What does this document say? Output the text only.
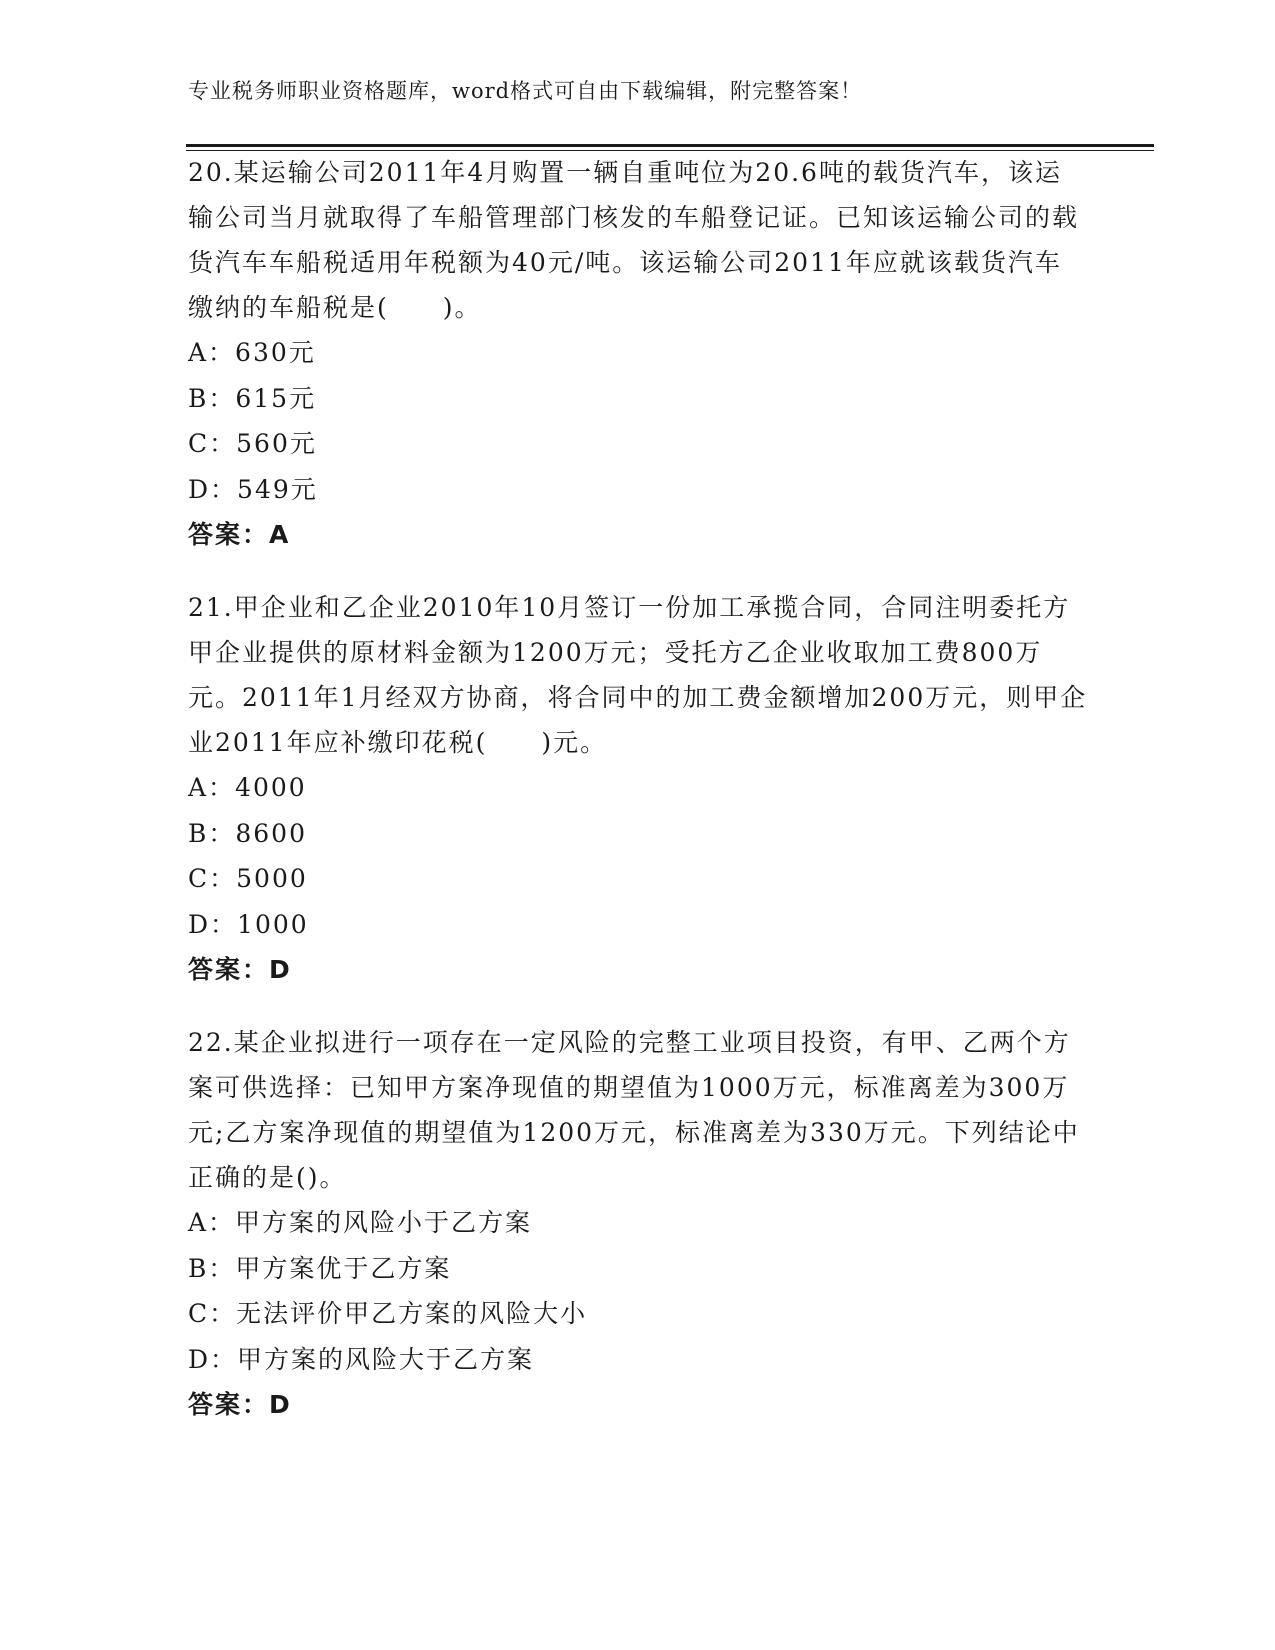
专业税务师职业资格题库，word格式可自由下载编辑，附完整答案！

20.某运输公司2011年4月购置一辆自重吨位为20.6吨的载货汽车，该运输公司当月就取得了车船管理部门核发的车船登记证。已知该运输公司的载货汽车车船税适用年税额为40元/吨。该运输公司2011年应就该载货汽车缴纳的车船税是(　　)。

A：630元

B：615元

C：560元

D：549元

答案：A

21.甲企业和乙企业2010年10月签订一份加工承揽合同，合同注明委托方甲企业提供的原材料金额为1200万元；受托方乙企业收取加工费800万元。2011年1月经双方协商，将合同中的加工费金额增加200万元，则甲企业2011年应补缴印花税(　　)元。

A：4000

B：8600

C：5000

D：1000

答案：D

22.某企业拟进行一项存在一定风险的完整工业项目投资，有甲、乙两个方案可供选择：已知甲方案净现值的期望值为1000万元，标准离差为300万元;乙方案净现值的期望值为1200万元，标准离差为330万元。下列结论中正确的是()。

A：甲方案的风险小于乙方案

B：甲方案优于乙方案

C：无法评价甲乙方案的风险大小

D：甲方案的风险大于乙方案

答案：D
